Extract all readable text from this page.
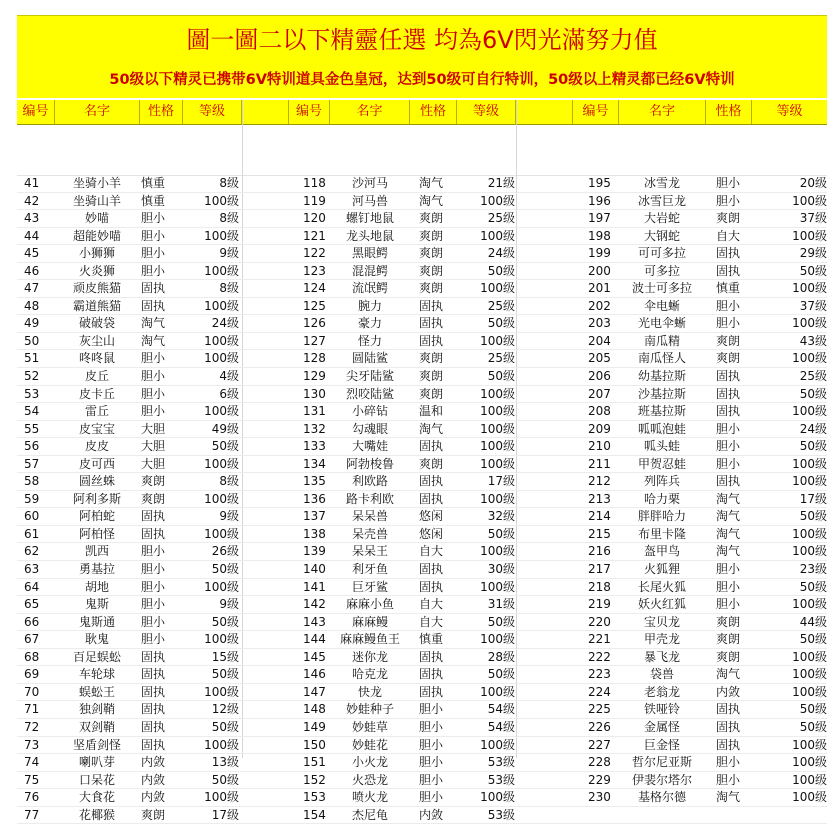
圖一圖二以下精靈任選 均為6V閃光滿努力值
50级以下精灵已携带6V特训道具金色皇冠，达到50级可自行特训，50级以上精灵都已经6V特训
编号	名字	性格	等级	编号	名字	性格	等级	编号	名字	性格	等级
41	坐骑小羊	慎重	8级	118	沙河马	淘气	21级	195	冰雪龙	胆小	20级
42	坐骑山羊	慎重	100级	119	河马兽	淘气	100级	196	冰雪巨龙	胆小	100级
43	妙喵	胆小	8级	120	螺钉地鼠	爽朗	25级	197	大岩蛇	爽朗	37级
44	超能妙喵	胆小	100级	121	龙头地鼠	爽朗	100级	198	大钢蛇	自大	100级
45	小狮狮	胆小	9级	122	黑眼鳄	爽朗	24级	199	可可多拉	固执	29级
46	火炎狮	胆小	100级	123	混混鳄	爽朗	50级	200	可多拉	固执	50级
47	顽皮熊猫	固执	8级	124	流氓鳄	爽朗	100级	201	波士可多拉	慎重	100级
48	霸道熊猫	固执	100级	125	腕力	固执	25级	202	伞电蜥	胆小	37级
49	破破袋	淘气	24级	126	豪力	固执	50级	203	光电伞蜥	胆小	100级
50	灰尘山	淘气	100级	127	怪力	固执	100级	204	南瓜精	爽朗	43级
51	咚咚鼠	胆小	100级	128	圆陆鲨	爽朗	25级	205	南瓜怪人	爽朗	100级
52	皮丘	胆小	4级	129	尖牙陆鲨	爽朗	50级	206	幼基拉斯	固执	25级
53	皮卡丘	胆小	6级	130	烈咬陆鲨	爽朗	100级	207	沙基拉斯	固执	50级
54	雷丘	胆小	100级	131	小碎钻	温和	100级	208	班基拉斯	固执	100级
55	皮宝宝	大胆	49级	132	勾魂眼	淘气	100级	209	呱呱泡蛙	胆小	24级
56	皮皮	大胆	50级	133	大嘴娃	固执	100级	210	呱头蛙	胆小	50级
57	皮可西	大胆	100级	134	阿勃梭鲁	爽朗	100级	211	甲贺忍蛙	胆小	100级
58	圆丝蛛	爽朗	8级	135	利欧路	固执	17级	212	列阵兵	固执	100级
59	阿利多斯	爽朗	100级	136	路卡利欧	固执	100级	213	哈力栗	淘气	17级
60	阿柏蛇	固执	9级	137	呆呆兽	悠闲	32级	214	胖胖哈力	淘气	50级
61	阿柏怪	固执	100级	138	呆壳兽	悠闲	50级	215	布里卡隆	淘气	100级
62	凯西	胆小	26级	139	呆呆王	自大	100级	216	盔甲鸟	淘气	100级
63	勇基拉	胆小	50级	140	利牙鱼	固执	30级	217	火狐狸	胆小	23级
64	胡地	胆小	100级	141	巨牙鲨	固执	100级	218	长尾火狐	胆小	50级
65	鬼斯	胆小	9级	142	麻麻小鱼	自大	31级	219	妖火红狐	胆小	100级
66	鬼斯通	胆小	50级	143	麻麻鳗	自大	50级	220	宝贝龙	爽朗	44级
67	耿鬼	胆小	100级	144	麻麻鳗鱼王	慎重	100级	221	甲壳龙	爽朗	50级
68	百足蜈蚣	固执	15级	145	迷你龙	固执	28级	222	暴飞龙	爽朗	100级
69	车轮球	固执	50级	146	哈克龙	固执	50级	223	袋兽	淘气	100级
70	蜈蚣王	固执	100级	147	快龙	固执	100级	224	老翁龙	内敛	100级
71	独剑鞘	固执	12级	148	妙蛙种子	胆小	54级	225	铁哑铃	固执	50级
72	双剑鞘	固执	50级	149	妙蛙草	胆小	54级	226	金属怪	固执	50级
73	坚盾剑怪	固执	100级	150	妙蛙花	胆小	100级	227	巨金怪	固执	100级
74	喇叭芽	内敛	13级	151	小火龙	胆小	53级	228	哲尔尼亚斯	胆小	100级
75	口呆花	内敛	50级	152	火恐龙	胆小	53级	229	伊裴尔塔尔	胆小	100级
76	大食花	内敛	100级	153	喷火龙	胆小	100级	230	基格尔德	淘气	100级
77	花椰猴	爽朗	17级	154	杰尼龟	内敛	53级
